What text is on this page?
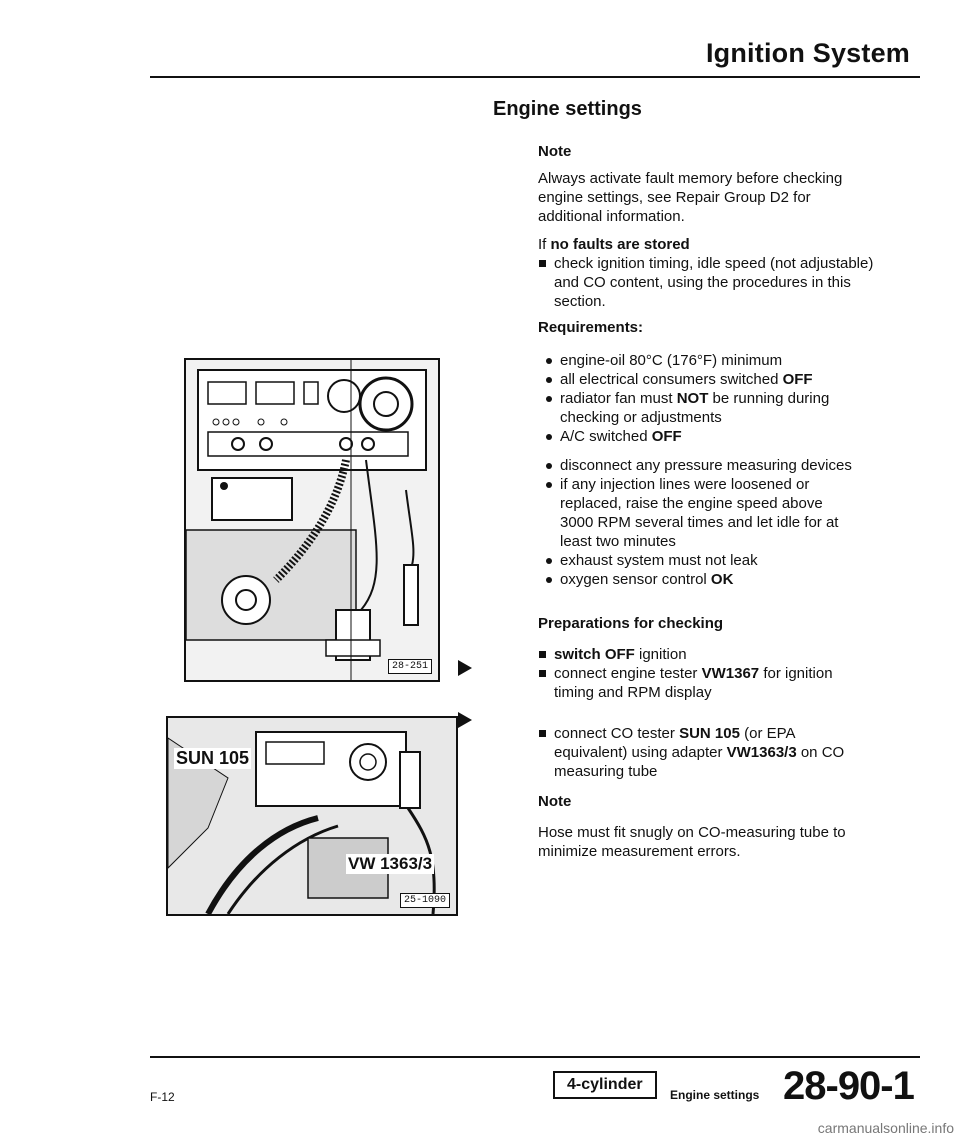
Ignition System
Engine settings
Note
Always activate fault memory before checking engine settings, see Repair Group D2 for additional information.
If no faults are stored
check ignition timing, idle speed (not adjustable) and CO content, using the procedures in this section.
Requirements:
engine-oil 80°C (176°F) minimum
all electrical consumers switched OFF
radiator fan must NOT be running during checking or adjustments
A/C switched OFF
disconnect any pressure measuring devices
if any injection lines were loosened or replaced, raise the engine speed above 3000 RPM several times and let idle for at least two minutes
exhaust system must not leak
oxygen sensor control OK
Preparations for checking
switch OFF ignition
connect engine tester VW1367 for ignition timing and RPM display
connect CO tester SUN 105 (or EPA equivalent) using adapter VW1363/3 on CO measuring tube
Note
Hose must fit snugly on CO-measuring tube to minimize measurement errors.
28-251
SUN 105
VW 1363/3
25-1090
F-12
4-cylinder
Engine settings 28-90-1
carmanualsonline.info
